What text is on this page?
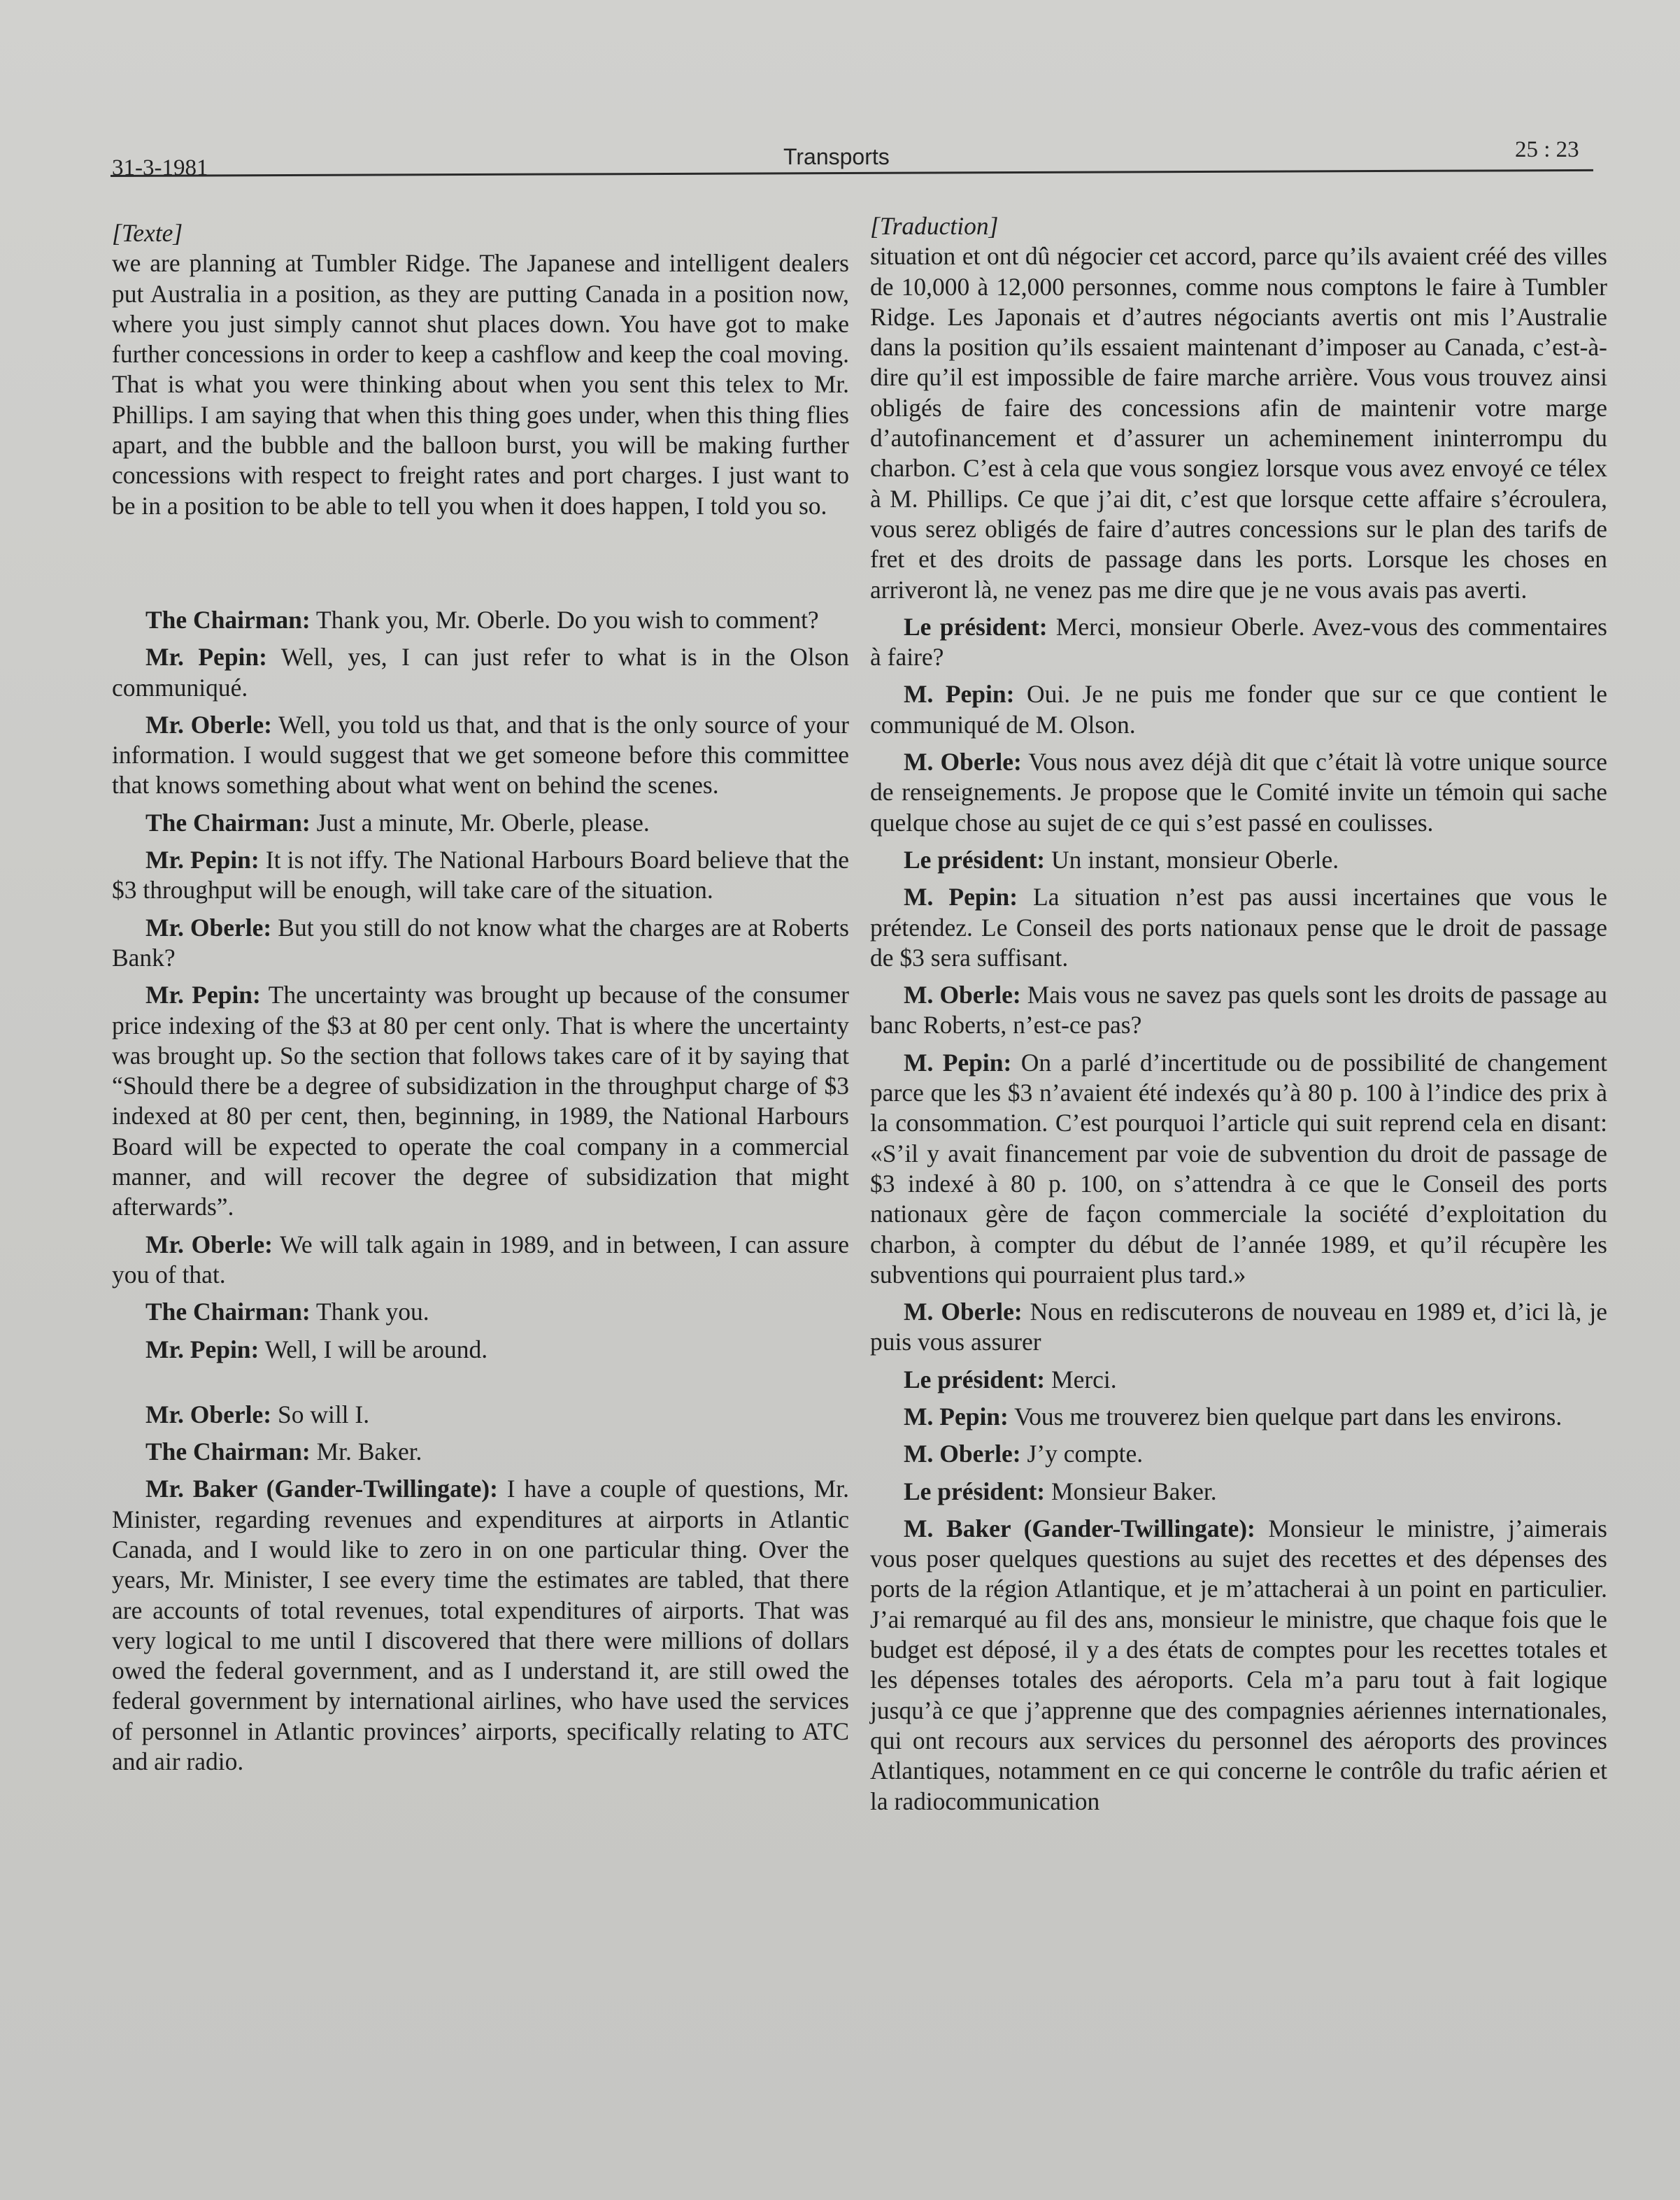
31-3-1981	Transports	25 : 23

[Texte]

we are planning at Tumbler Ridge. The Japanese and intelligent dealers put Australia in a position, as they are putting Canada in a position now, where you just simply cannot shut places down. You have got to make further concessions in order to keep a cashflow and keep the coal moving. That is what you were thinking about when you sent this telex to Mr. Phillips. I am saying that when this thing goes under, when this thing flies apart, and the bubble and the balloon burst, you will be making further concessions with respect to freight rates and port charges. I just want to be in a position to be able to tell you when it does happen, I told you so.

The Chairman: Thank you, Mr. Oberle. Do you wish to comment?

Mr. Pepin: Well, yes, I can just refer to what is in the Olson communiqué.

Mr. Oberle: Well, you told us that, and that is the only source of your information. I would suggest that we get someone before this committee that knows something about what went on behind the scenes.

The Chairman: Just a minute, Mr. Oberle, please.

Mr. Pepin: It is not iffy. The National Harbours Board believe that the $3 throughput will be enough, will take care of the situation.

Mr. Oberle: But you still do not know what the charges are at Roberts Bank?

Mr. Pepin: The uncertainty was brought up because of the consumer price indexing of the $3 at 80 per cent only. That is where the uncertainty was brought up. So the section that follows takes care of it by saying that “Should there be a degree of subsidization in the throughput charge of $3 indexed at 80 per cent, then, beginning, in 1989, the National Harbours Board will be expected to operate the coal company in a commercial manner, and will recover the degree of subsidization that might afterwards”.

Mr. Oberle: We will talk again in 1989, and in between, I can assure you of that.

The Chairman: Thank you.

Mr. Pepin: Well, I will be around.

Mr. Oberle: So will I.

The Chairman: Mr. Baker.

Mr. Baker (Gander-Twillingate): I have a couple of questions, Mr. Minister, regarding revenues and expenditures at airports in Atlantic Canada, and I would like to zero in on one particular thing. Over the years, Mr. Minister, I see every time the estimates are tabled, that there are accounts of total revenues, total expenditures of airports. That was very logical to me until I discovered that there were millions of dollars owed the federal government, and as I understand it, are still owed the federal government by international airlines, who have used the services of personnel in Atlantic provinces’ airports, specifically relating to ATC and air radio.

[Traduction]

situation et ont dû négocier cet accord, parce qu’ils avaient créé des villes de 10,000 à 12,000 personnes, comme nous comptons le faire à Tumbler Ridge. Les Japonais et d’autres négociants avertis ont mis l’Australie dans la position qu’ils essaient maintenant d’imposer au Canada, c’est-à-dire qu’il est impossible de faire marche arrière. Vous vous trouvez ainsi obligés de faire des concessions afin de maintenir votre marge d’autofinancement et d’assurer un acheminement ininterrompu du charbon. C’est à cela que vous songiez lorsque vous avez envoyé ce télex à M. Phillips. Ce que j’ai dit, c’est que lorsque cette affaire s’écroulera, vous serez obligés de faire d’autres concessions sur le plan des tarifs de fret et des droits de passage dans les ports. Lorsque les choses en arriveront là, ne venez pas me dire que je ne vous avais pas averti.

Le président: Merci, monsieur Oberle. Avez-vous des commentaires à faire?

M. Pepin: Oui. Je ne puis me fonder que sur ce que contient le communiqué de M. Olson.

M. Oberle: Vous nous avez déjà dit que c’était là votre unique source de renseignements. Je propose que le Comité invite un témoin qui sache quelque chose au sujet de ce qui s’est passé en coulisses.

Le président: Un instant, monsieur Oberle.

M. Pepin: La situation n’est pas aussi incertaines que vous le prétendez. Le Conseil des ports nationaux pense que le droit de passage de $3 sera suffisant.

M. Oberle: Mais vous ne savez pas quels sont les droits de passage au banc Roberts, n’est-ce pas?

M. Pepin: On a parlé d’incertitude ou de possibilité de changement parce que les $3 n’avaient été indexés qu’à 80 p. 100 à l’indice des prix à la consommation. C’est pourquoi l’article qui suit reprend cela en disant: «S’il y avait financement par voie de subvention du droit de passage de $3 indexé à 80 p. 100, on s’attendra à ce que le Conseil des ports nationaux gère de façon commerciale la société d’exploitation du charbon, à compter du début de l’année 1989, et qu’il récupère les subventions qui pourraient plus tard.»

M. Oberle: Nous en rediscuterons de nouveau en 1989 et, d’ici là, je puis vous assurer

Le président: Merci.

M. Pepin: Vous me trouverez bien quelque part dans les environs.

M. Oberle: J’y compte.

Le président: Monsieur Baker.

M. Baker (Gander-Twillingate): Monsieur le ministre, j’aimerais vous poser quelques questions au sujet des recettes et des dépenses des ports de la région Atlantique, et je m’attacherai à un point en particulier. J’ai remarqué au fil des ans, monsieur le ministre, que chaque fois que le budget est déposé, il y a des états de comptes pour les recettes totales et les dépenses totales des aéroports. Cela m’a paru tout à fait logique jusqu’à ce que j’apprenne que des compagnies aériennes internationales, qui ont recours aux services du personnel des aéroports des provinces Atlantiques, notamment en ce qui concerne le contrôle du trafic aérien et la radiocommunication
